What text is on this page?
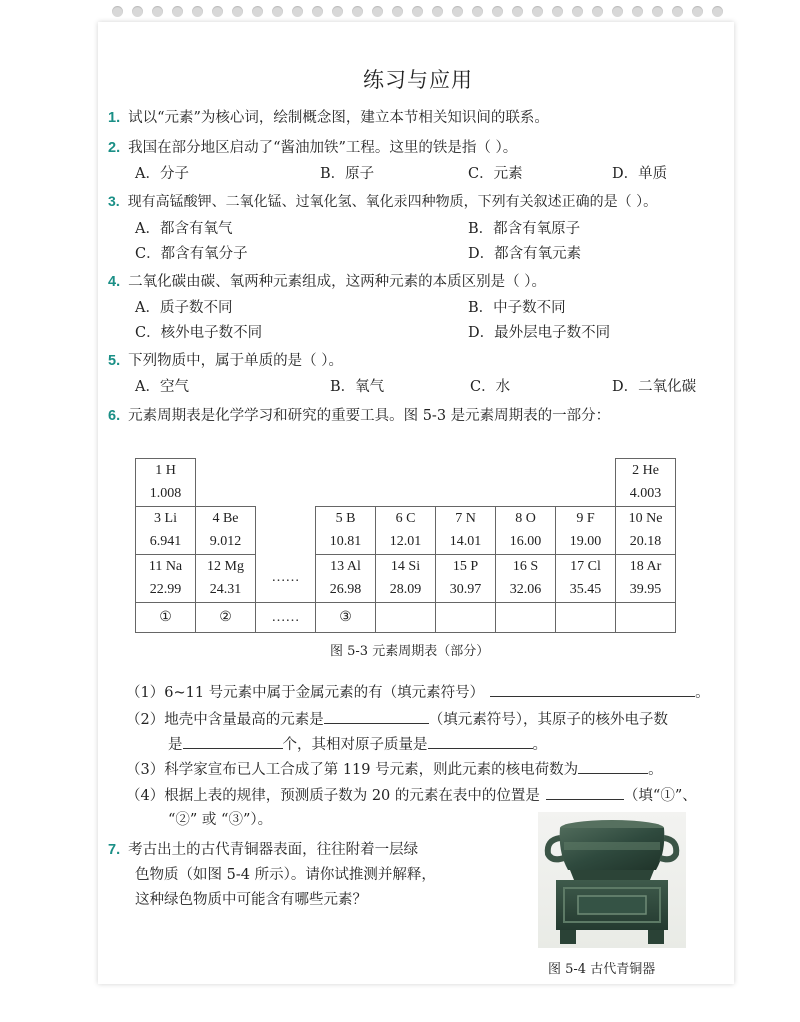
练习与应用
1. 试以“元素”为核心词，绘制概念图，建立本节相关知识间的联系。
2. 我国在部分地区启动了“酱油加铁”工程。这里的铁是指（ ）。
A．分子	B．原子	C．元素	D．单质
3. 现有高锰酸钾、二氧化锰、过氧化氢、氧化汞四种物质，下列有关叙述正确的是（ ）。
A．都含有氧气	B．都含有氧原子
C．都含有氧分子	D．都含有氧元素
4. 二氧化碳由碳、氧两种元素组成，这两种元素的本质区别是（ ）。
A．质子数不同	B．中子数不同
C．核外电子数不同	D．最外层电子数不同
5. 下列物质中，属于单质的是（ ）。
A．空气	B．氧气	C．水	D．二氧化碳
6. 元素周期表是化学学习和研究的重要工具。图 5-3 是元素周期表的一部分：
1 H								2 He
1.008								4.003
3 Li	4 Be		5 B	6 C	7 N	8 O	9 F	10 Ne
6.941	9.012		10.81	12.01	14.01	16.00	19.00	20.18
11 Na	12 Mg	……	13 Al	14 Si	15 P	16 S	17 Cl	18 Ar
22.99	24.31		26.98	28.09	30.97	32.06	35.45	39.95
①	②	……	③					
图 5-3 元素周期表（部分）
（1）6~11 号元素中属于金属元素的有（填元素符号）	。
（2）地壳中含量最高的元素是	（填元素符号），其原子的核外电子数
是	个，其相对原子质量是	。
（3）科学家宣布已人工合成了第 119 号元素，则此元素的核电荷数为	。
（4）根据上表的规律，预测质子数为 20 的元素在表中的位置是	（填“①”、
“②” 或 “③”）。
7. 考古出土的古代青铜器表面，往往附着一层绿
色物质（如图 5-4 所示）。请你试推测并解释，
这种绿色物质中可能含有哪些元素？
图 5-4 古代青铜器
